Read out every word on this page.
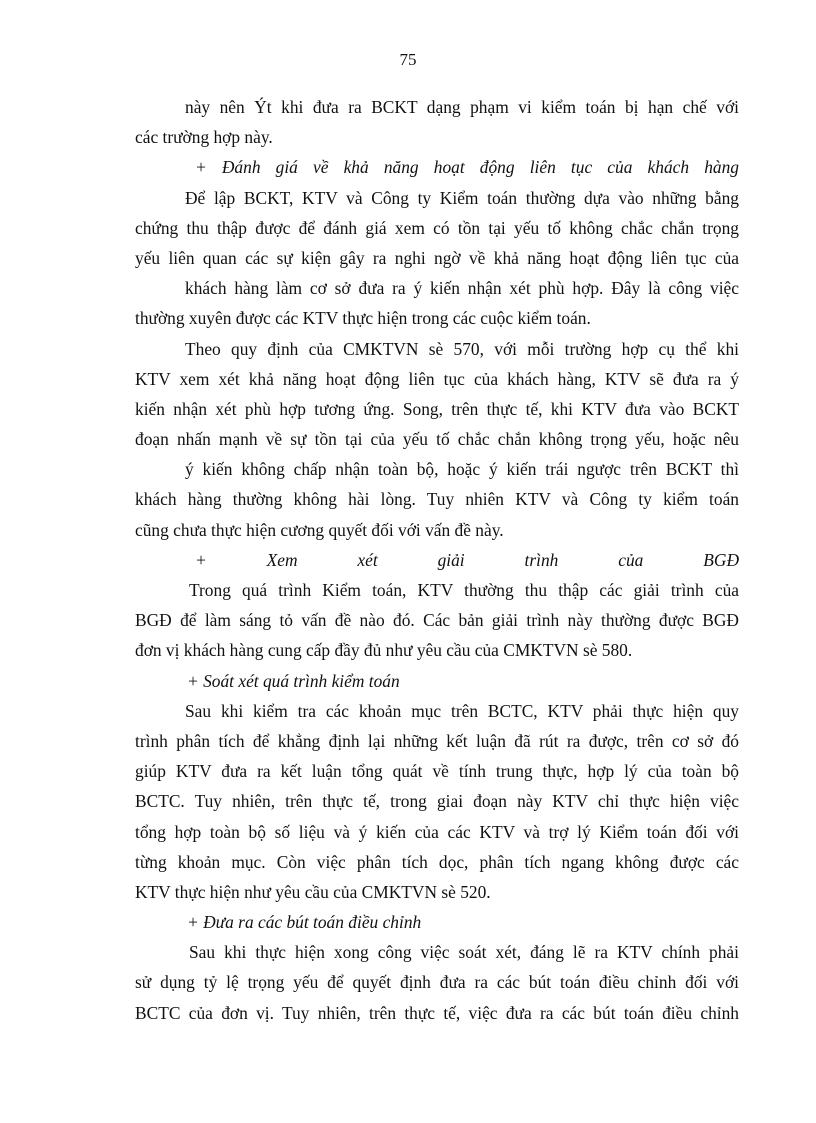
75
này nên Ýt khi đưa ra BCKT dạng phạm vi kiểm toán bị hạn chế với
các trường hợp này.
+ Đánh giá về khả năng hoạt động liên tục của khách hàng
Để lập BCKT, KTV và Công ty Kiểm toán thường dựa vào những bằng
chứng thu thập được để đánh giá xem có tồn tại yếu tố không chắc chắn trọng
yếu liên quan các sự kiện gây ra nghi ngờ về khả năng hoạt động liên tục của
khách hàng làm cơ sở đưa ra ý kiến nhận xét phù hợp. Đây là công việc
thường xuyên được các KTV thực hiện trong các cuộc kiểm toán.
Theo quy định của CMKTVN sè 570, với mỗi trường hợp cụ thể khi
KTV xem xét khả năng hoạt động liên tục của khách hàng, KTV sẽ đưa ra ý
kiến nhận xét phù hợp tương ứng. Song, trên thực tế, khi KTV đưa vào BCKT
đoạn nhấn mạnh về sự tồn tại của yếu tố chắc chắn không trọng yếu, hoặc nêu
ý kiến không chấp nhận toàn bộ, hoặc ý kiến trái ngược trên BCKT thì
khách hàng thường không hài lòng. Tuy nhiên KTV và Công ty kiểm toán
cũng chưa thực hiện cương quyết đối với vấn đề này.
+ Xem xét giải trình của BGĐ
Trong quá trình Kiểm toán, KTV thường thu thập các giải trình của
BGĐ để làm sáng tỏ vấn đề nào đó. Các bản giải trình này thường được BGĐ
đơn vị khách hàng cung cấp đầy đủ như yêu cầu của CMKTVN sè 580.
+ Soát xét quá trình kiểm toán
Sau khi kiểm tra các khoản mục trên BCTC, KTV phải thực hiện quy
trình phân tích để khẳng định lại những kết luận đã rút ra được, trên cơ sở đó
giúp KTV đưa ra kết luận tổng quát về tính trung thực, hợp lý của toàn bộ
BCTC. Tuy nhiên, trên thực tế, trong giai đoạn này KTV chỉ thực hiện việc
tổng hợp toàn bộ số liệu và ý kiến của các KTV và trợ lý Kiểm toán đối với
từng khoản mục. Còn việc phân tích dọc, phân tích ngang không được các
KTV thực hiện như yêu cầu của CMKTVN sè 520.
+ Đưa ra các bút toán điều chỉnh
Sau khi thực hiện xong công việc soát xét, đáng lẽ ra KTV chính phải
sử dụng tỷ lệ trọng yếu để quyết định đưa ra các bút toán điều chỉnh đối với
BCTC của đơn vị. Tuy nhiên, trên thực tế, việc đưa ra các bút toán điều chỉnh
